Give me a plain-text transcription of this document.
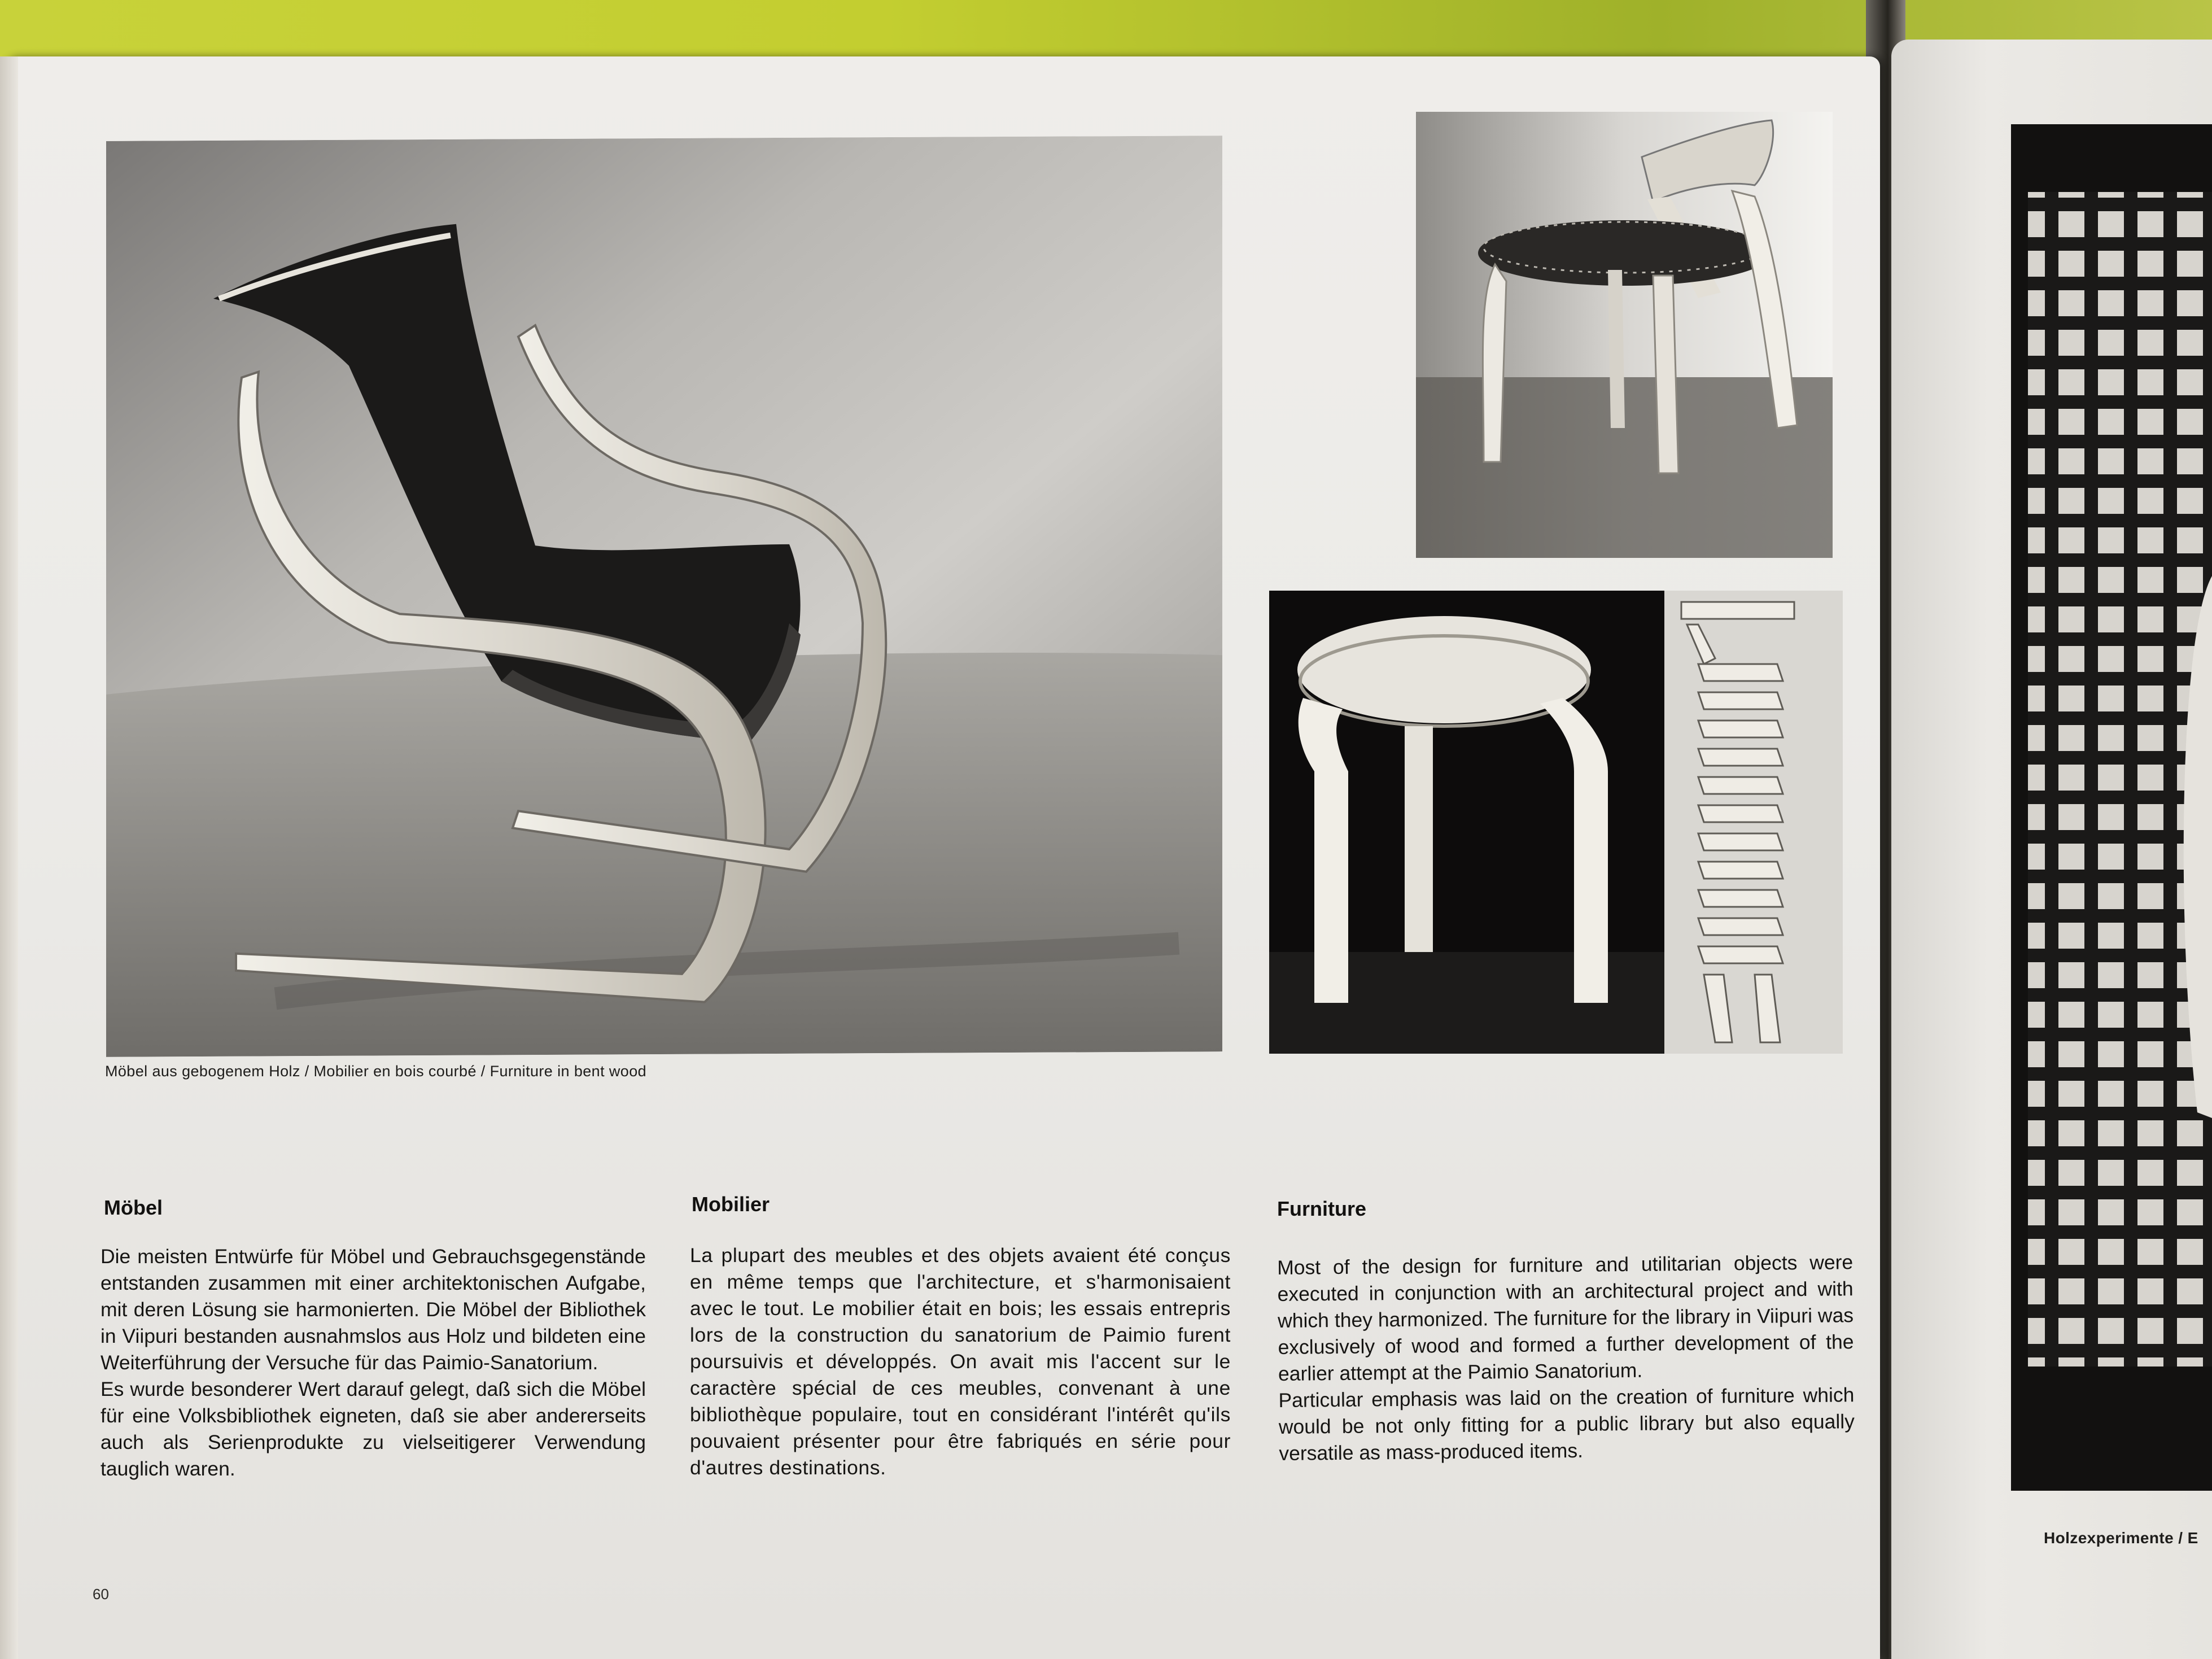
Möbel aus gebogenem Holz / Mobilier en bois courbé / Furniture in bent wood
Möbel	Mobilier	Furniture

Die meisten Entwürfe für Möbel und Gebrauchsgegenstände entstanden zusammen mit einer architektonischen Aufgabe, mit deren Lösung sie harmonierten. Die Möbel der Bibliothek in Viipuri bestanden ausnahmslos aus Holz und bildeten eine Weiterführung der Versuche für das Paimio-Sanatorium.

Es wurde besonderer Wert darauf gelegt, daß sich die Möbel für eine Volksbibliothek eigneten, daß sie aber andererseits auch als Serienprodukte zu vielseitigerer Verwendung tauglich waren.

La plupart des meubles et des objets avaient été conçus en même temps que l'architecture, et s'harmonisaient avec le tout. Le mobilier était en bois; les essais entrepris lors de la construction du sanatorium de Paimio furent poursuivis et développés. On avait mis l'accent sur le caractère spécial de ces meubles, convenant à une bibliothèque populaire, tout en considérant l'intérêt qu'ils pouvaient présenter pour être fabriqués en série pour d'autres destinations.

Most of the design for furniture and utilitarian objects were executed in conjunction with an architectural project and with which they harmonized. The furniture for the library in Viipuri was exclusively of wood and formed a further development of the earlier attempt at the Paimio Sanatorium.

Particular emphasis was laid on the creation of furniture which would be not only fitting for a public library but also equally versatile as mass-produced items.

60
Holzexperimente / E
